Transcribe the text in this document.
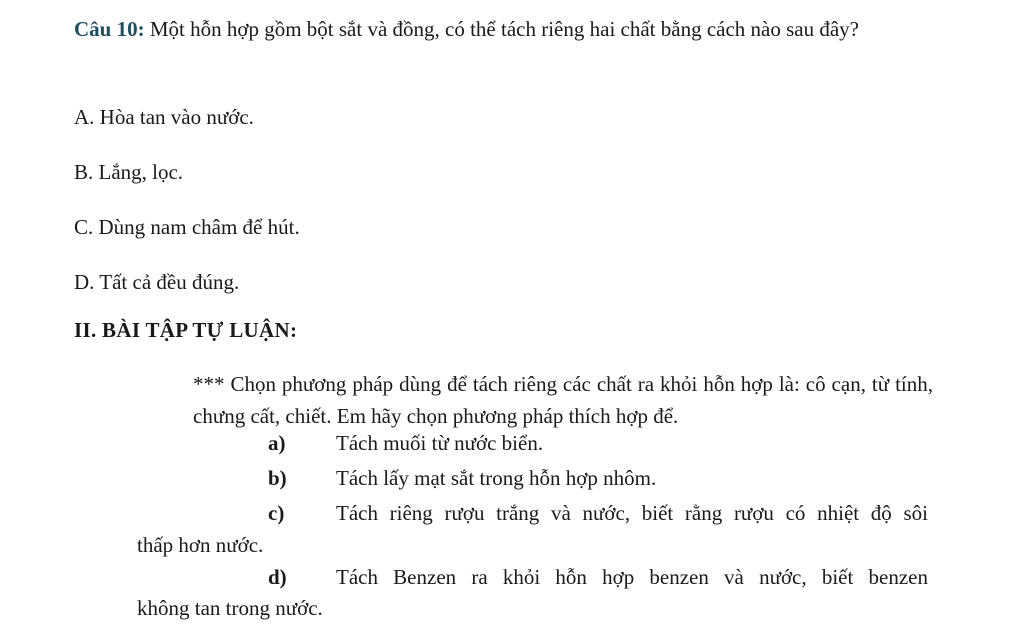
Câu 10: Một hỗn hợp gồm bột sắt và đồng, có thể tách riêng hai chất bằng cách nào sau đây?
A. Hòa tan vào nước.
B. Lắng, lọc.
C. Dùng nam châm để hút.
D. Tất cả đều đúng.
II. BÀI TẬP TỰ LUẬN:
*** Chọn phương pháp dùng để tách riêng các chất ra khỏi hỗn hợp là: cô cạn, từ tính, chưng cất, chiết. Em hãy chọn phương pháp thích hợp để.
a) Tách muối từ nước biển.
b) Tách lấy mạt sắt trong hỗn hợp nhôm.
c) Tách riêng rượu trắng và nước, biết rằng rượu có nhiệt độ sôi
thấp hơn nước.
d) Tách Benzen ra khỏi hỗn hợp benzen và nước, biết benzen
không tan trong nước.
